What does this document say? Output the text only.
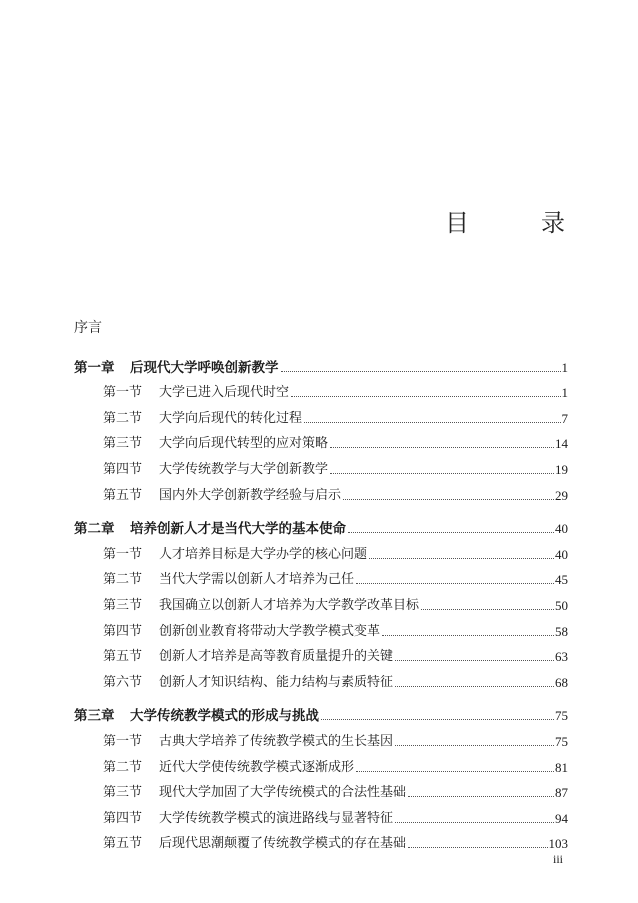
目　　　录
序言
第一章	后现代大学呼唤创新教学	1
第一节	大学已进入后现代时空	1
第二节	大学向后现代的转化过程	7
第三节	大学向后现代转型的应对策略	14
第四节	大学传统教学与大学创新教学	19
第五节	国内外大学创新教学经验与启示	29
第二章	培养创新人才是当代大学的基本使命	40
第一节	人才培养目标是大学办学的核心问题	40
第二节	当代大学需以创新人才培养为己任	45
第三节	我国确立以创新人才培养为大学教学改革目标	50
第四节	创新创业教育将带动大学教学模式变革	58
第五节	创新人才培养是高等教育质量提升的关键	63
第六节	创新人才知识结构、能力结构与素质特征	68
第三章	大学传统教学模式的形成与挑战	75
第一节	古典大学培养了传统教学模式的生长基因	75
第二节	近代大学使传统教学模式逐渐成形	81
第三节	现代大学加固了大学传统模式的合法性基础	87
第四节	大学传统教学模式的演进路线与显著特征	94
第五节	后现代思潮颠覆了传统教学模式的存在基础	103
iii
